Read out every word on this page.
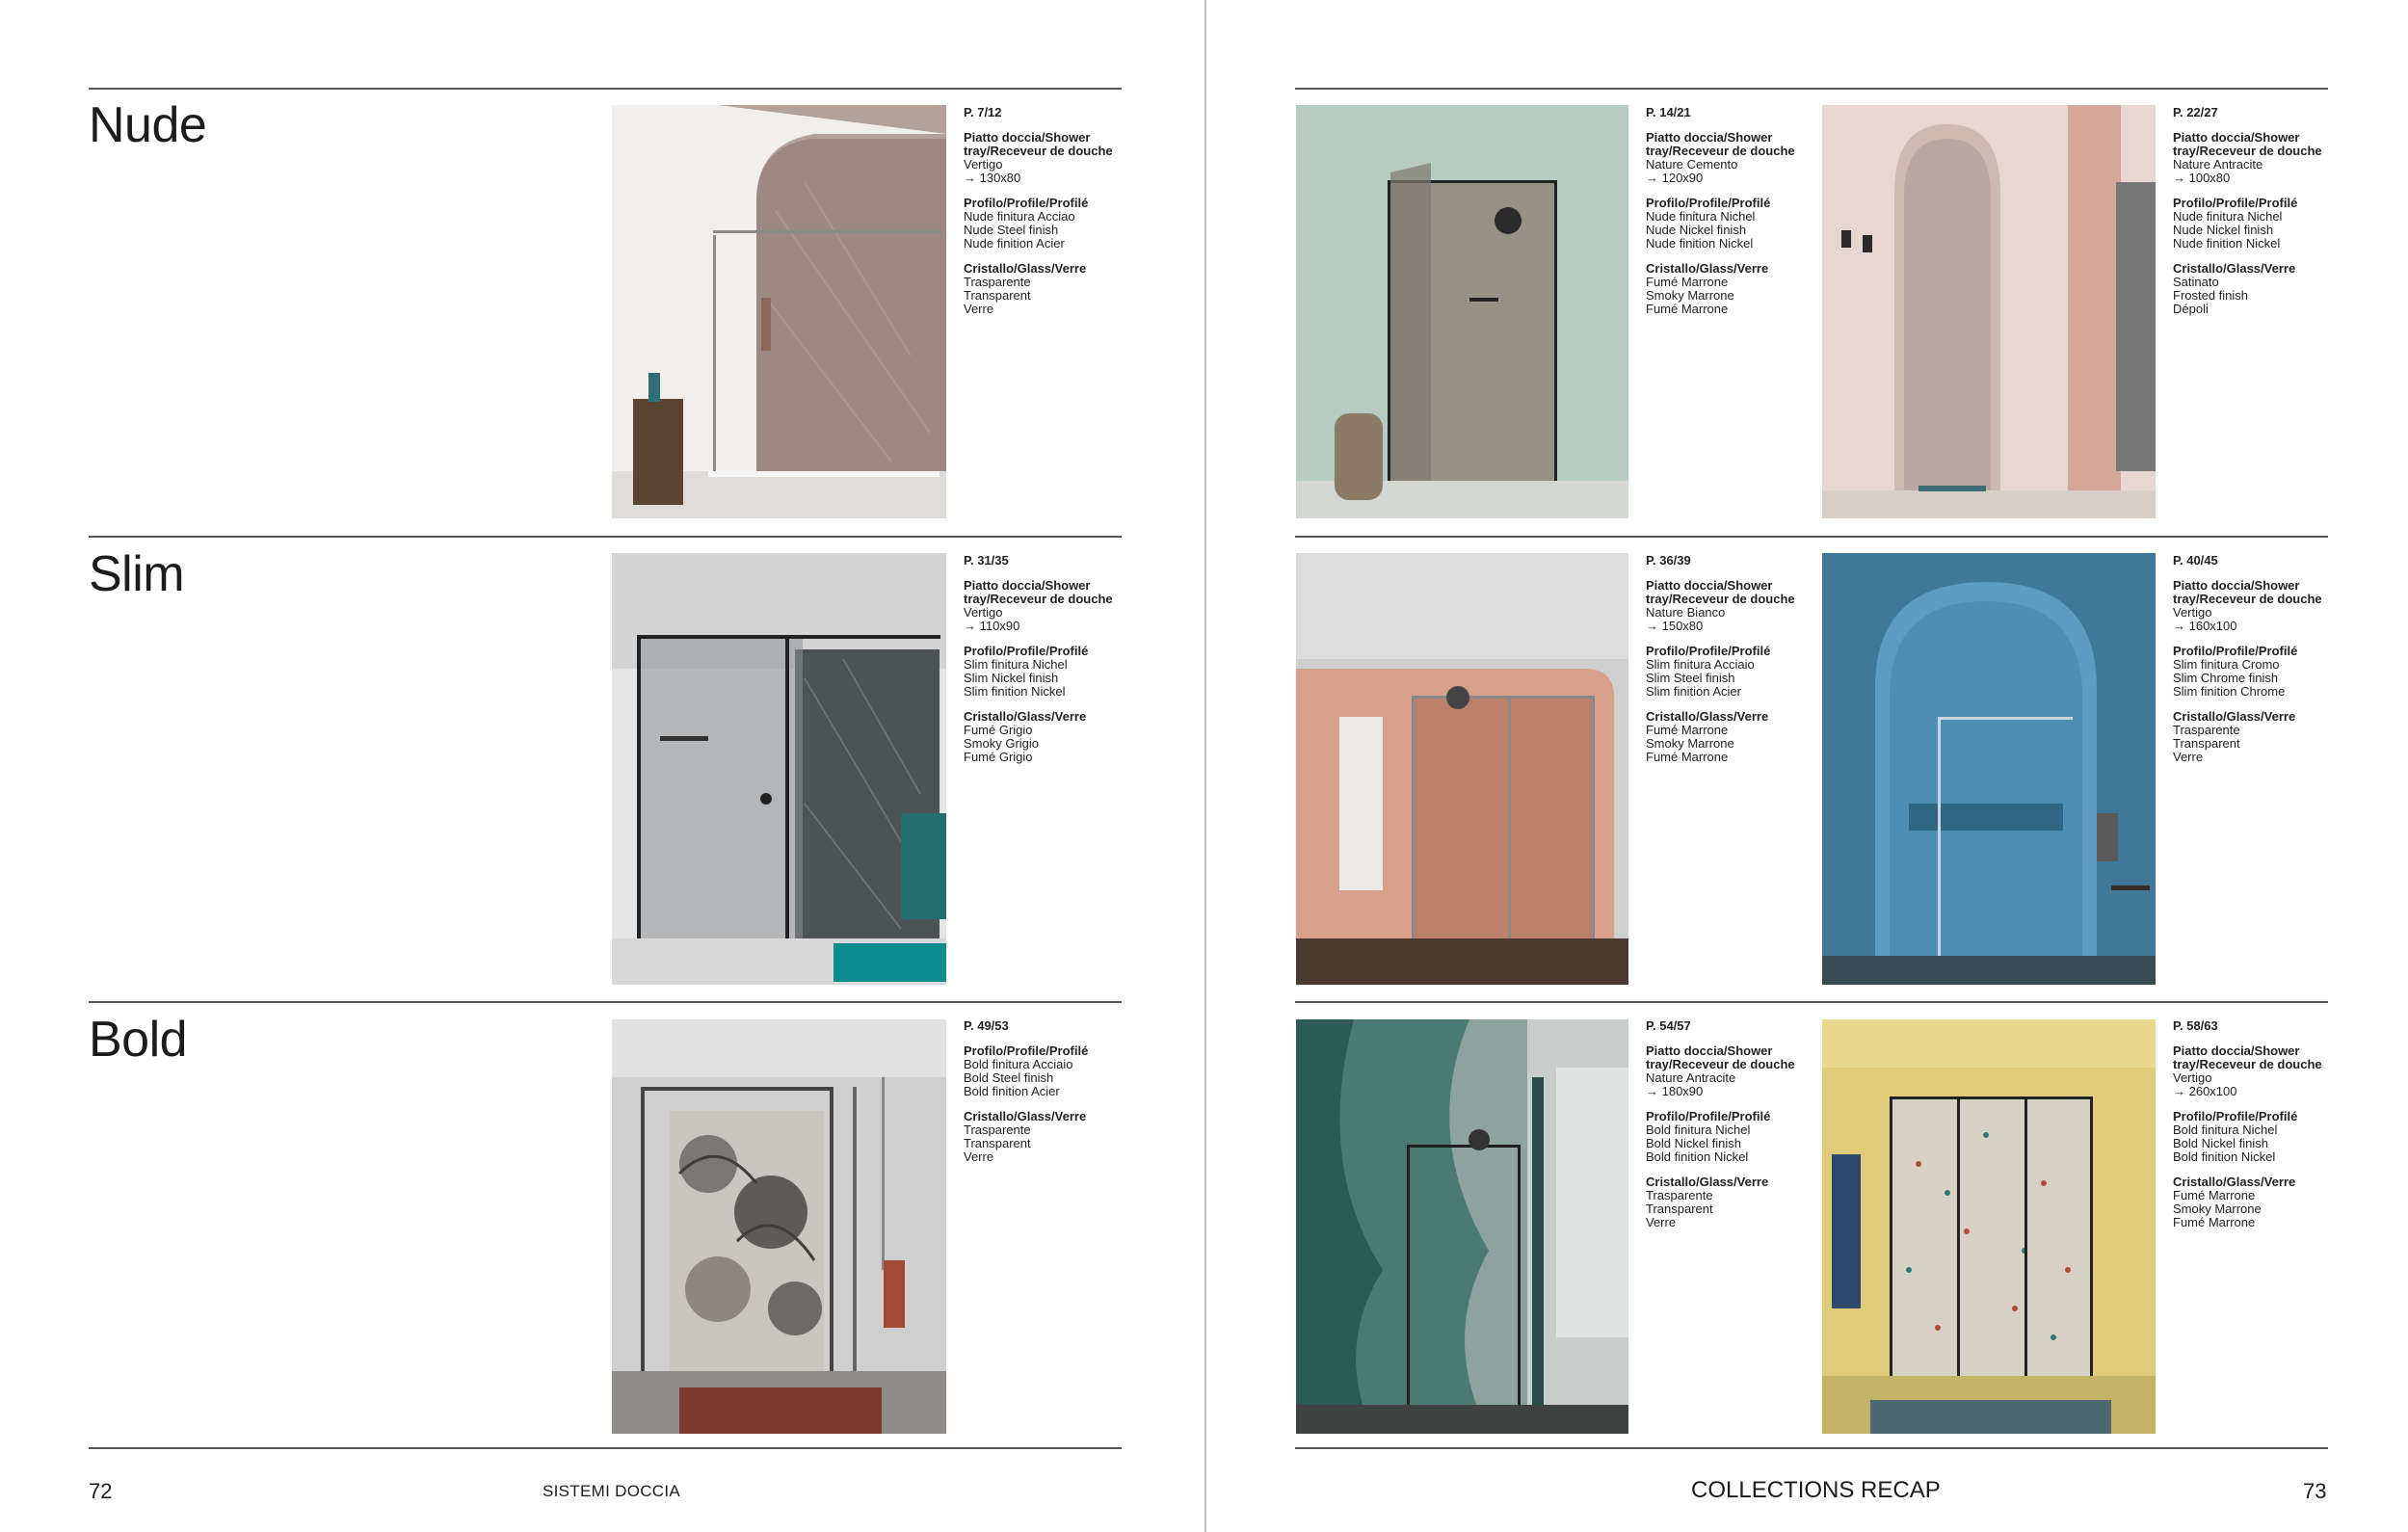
Nude
Slim
Bold
P. 7/12
Piatto doccia/Shower tray/Receveur de douche
Vertigo
→ 130x80
Profilo/Profile/Profilé
Nude finitura Acciao
Nude Steel finish
Nude finition Acier
Cristallo/Glass/Verre
Trasparente
Transparent
Verre
P. 31/35
Piatto doccia/Shower tray/Receveur de douche
Vertigo
→ 110x90
Profilo/Profile/Profilé
Slim finitura Nichel
Slim Nickel finish
Slim finition Nickel
Cristallo/Glass/Verre
Fumé Grigio
Smoky Grigio
Fumé Grigio
P. 49/53
Profilo/Profile/Profilé
Bold finitura Acciaio
Bold Steel finish
Bold finition Acier
Cristallo/Glass/Verre
Trasparente
Transparent
Verre
72	SISTEMI DOCCIA
P. 14/21
Piatto doccia/Shower tray/Receveur de douche
Nature Cemento
→ 120x90
Profilo/Profile/Profilé
Nude finitura Nichel
Nude Nickel finish
Nude finition Nickel
Cristallo/Glass/Verre
Fumé Marrone
Smoky Marrone
Fumé Marrone
P. 22/27
Piatto doccia/Shower tray/Receveur de douche
Nature Antracite
→ 100x80
Profilo/Profile/Profilé
Nude finitura Nichel
Nude Nickel finish
Nude finition Nickel
Cristallo/Glass/Verre
Satinato
Frosted finish
Dépoli
P. 36/39
Piatto doccia/Shower tray/Receveur de douche
Nature Bianco
→ 150x80
Profilo/Profile/Profilé
Slim finitura Acciaio
Slim Steel finish
Slim finition Acier
Cristallo/Glass/Verre
Fumé Marrone
Smoky Marrone
Fumé Marrone
P. 40/45
Piatto doccia/Shower tray/Receveur de douche
Vertigo
→ 160x100
Profilo/Profile/Profilé
Slim finitura Cromo
Slim Chrome finish
Slim finition Chrome
Cristallo/Glass/Verre
Trasparente
Transparent
Verre
P. 54/57
Piatto doccia/Shower tray/Receveur de douche
Nature Antracite
→ 180x90
Profilo/Profile/Profilé
Bold finitura Nichel
Bold Nickel finish
Bold finition Nickel
Cristallo/Glass/Verre
Trasparente
Transparent
Verre
P. 58/63
Piatto doccia/Shower tray/Receveur de douche
Vertigo
→ 260x100
Profilo/Profile/Profilé
Bold finitura Nichel
Bold Nickel finish
Bold finition Nickel
Cristallo/Glass/Verre
Fumé Marrone
Smoky Marrone
Fumé Marrone
COLLECTIONS RECAP	73
